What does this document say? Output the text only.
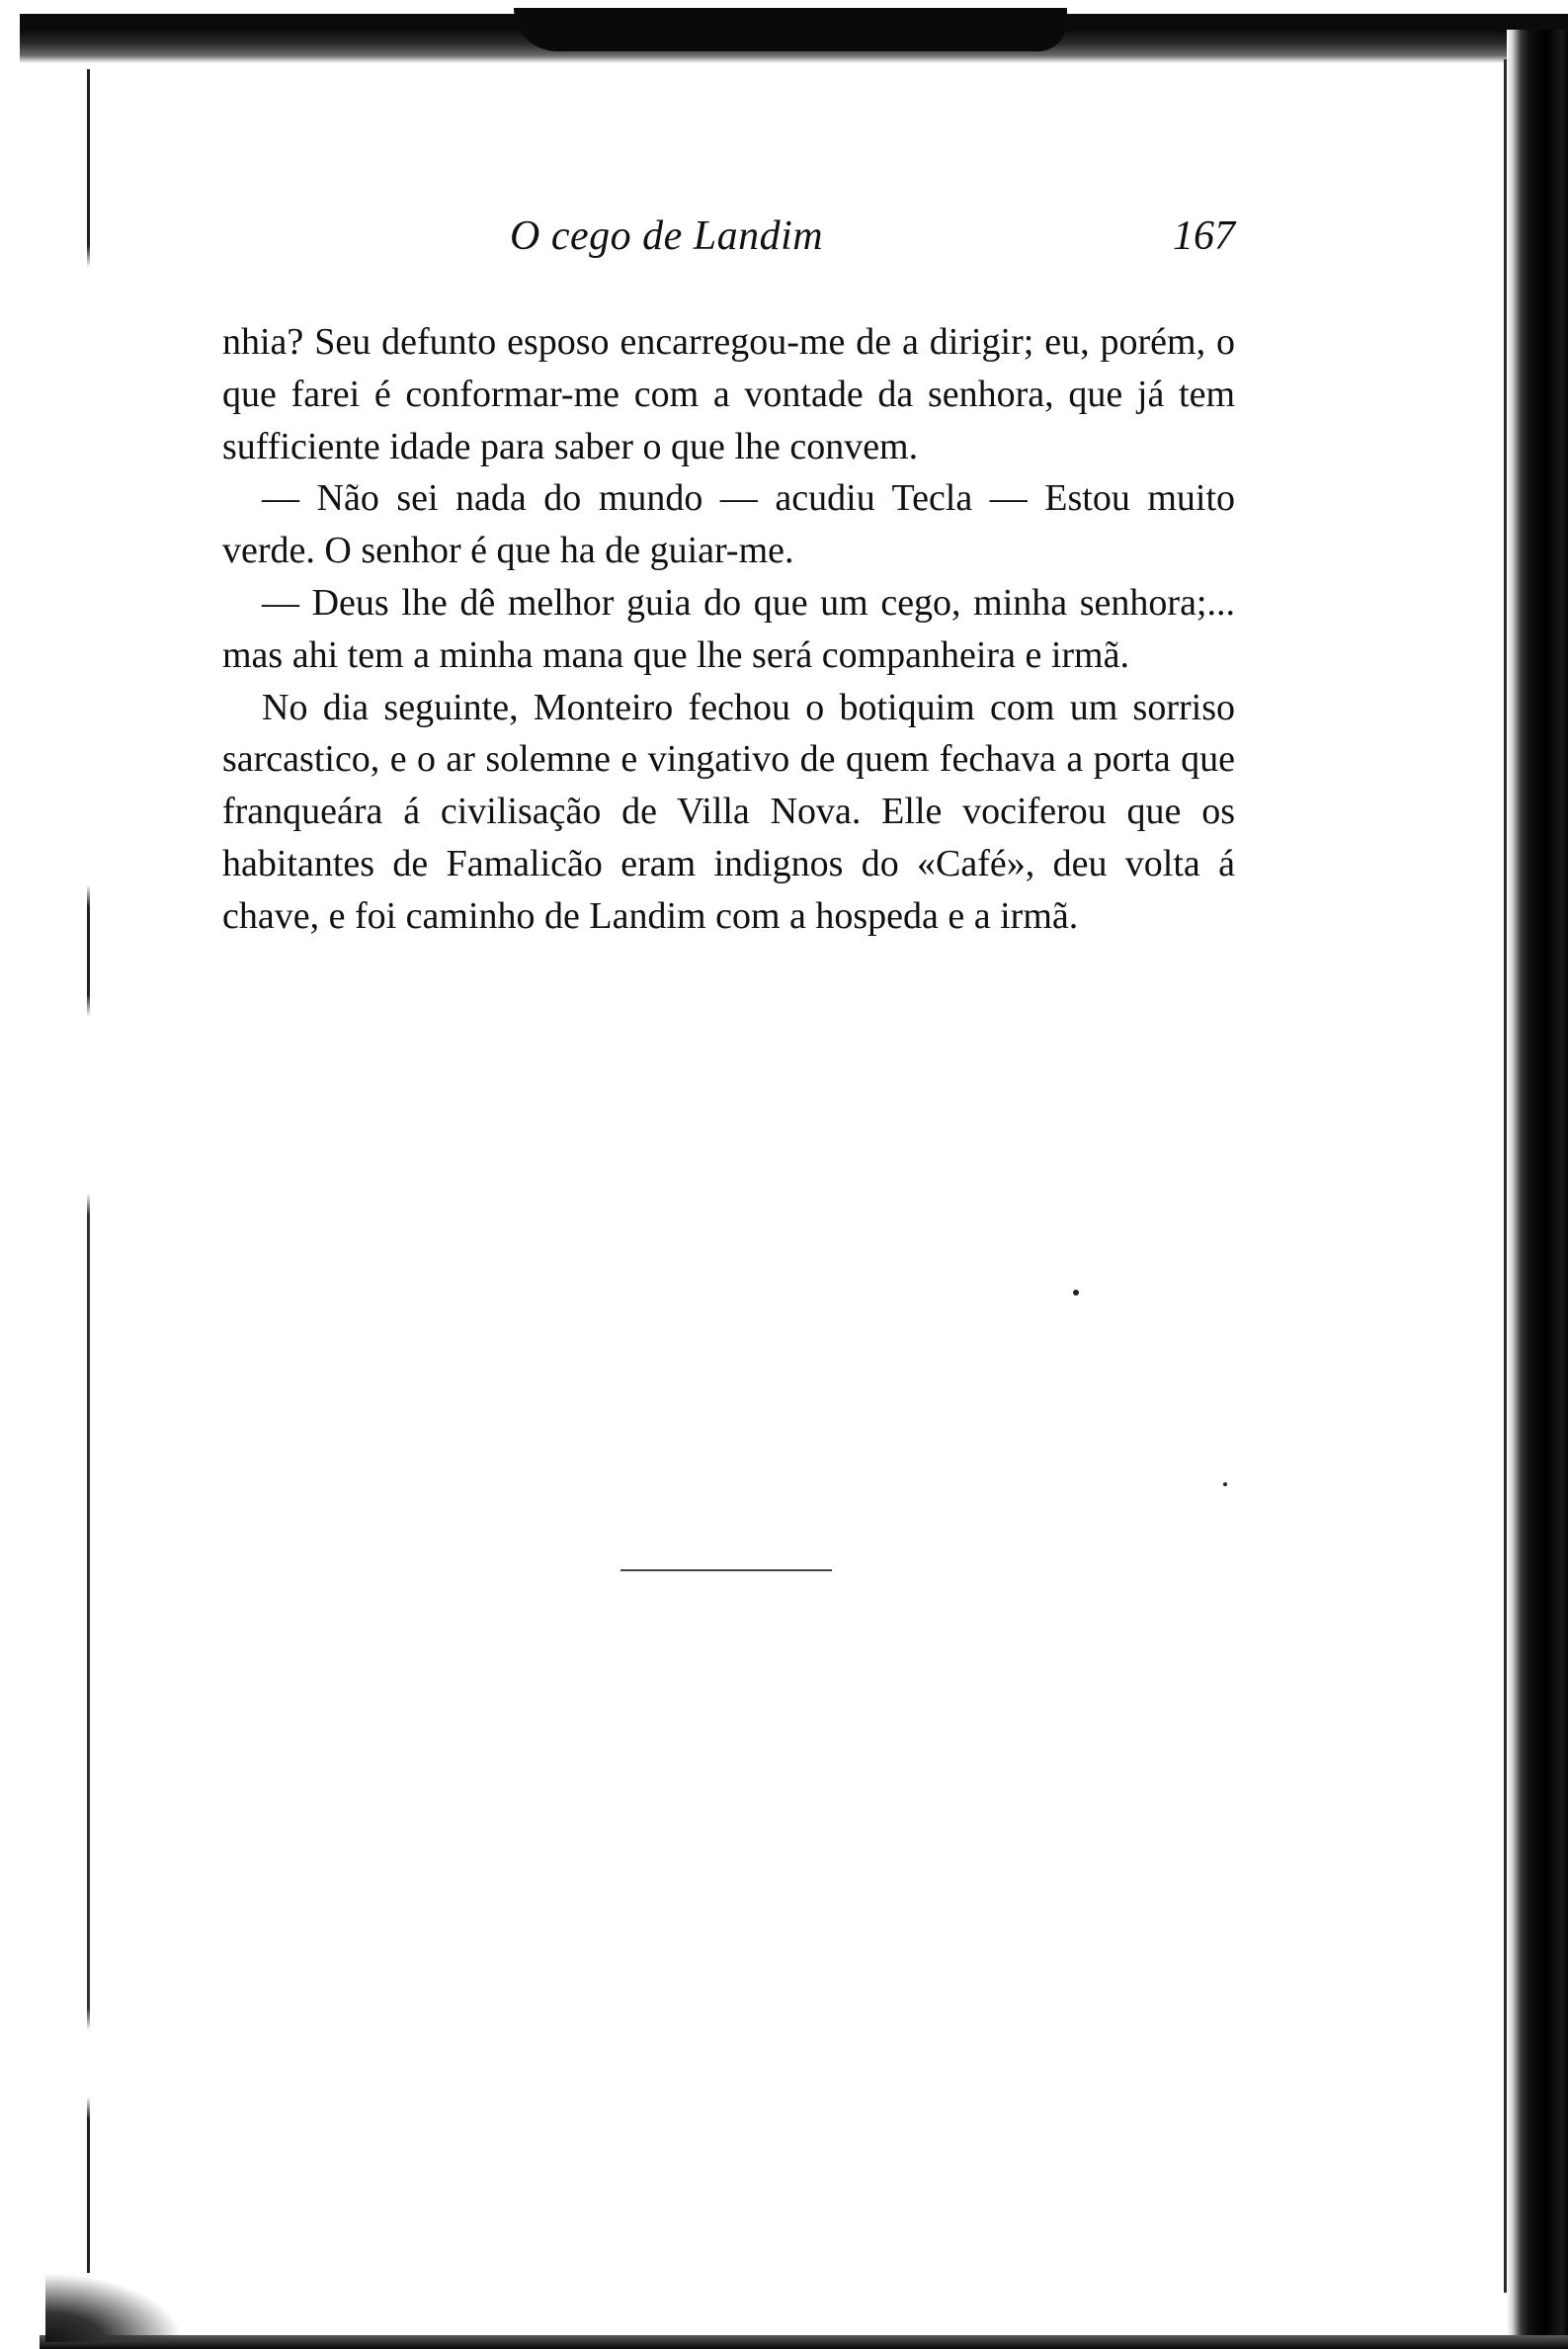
O cego de Landim	167

nhia? Seu defunto esposo encarregou-me de a dirigir; eu, porém, o que farei é conformar-me com a vontade da senhora, que já tem sufficiente idade para saber o que lhe convem.

— Não sei nada do mundo — acudiu Tecla — Estou muito verde. O senhor é que ha de guiar-me.

— Deus lhe dê melhor guia do que um cego, minha senhora;... mas ahi tem a minha mana que lhe será companheira e irmã.

No dia seguinte, Monteiro fechou o botiquim com um sorriso sarcastico, e o ar solemne e vingativo de quem fechava a porta que franqueára á civilisação de Villa Nova. Elle vociferou que os habitantes de Famalicão eram indignos do «Café», deu volta á chave, e foi caminho de Landim com a hospeda e a irmã.
